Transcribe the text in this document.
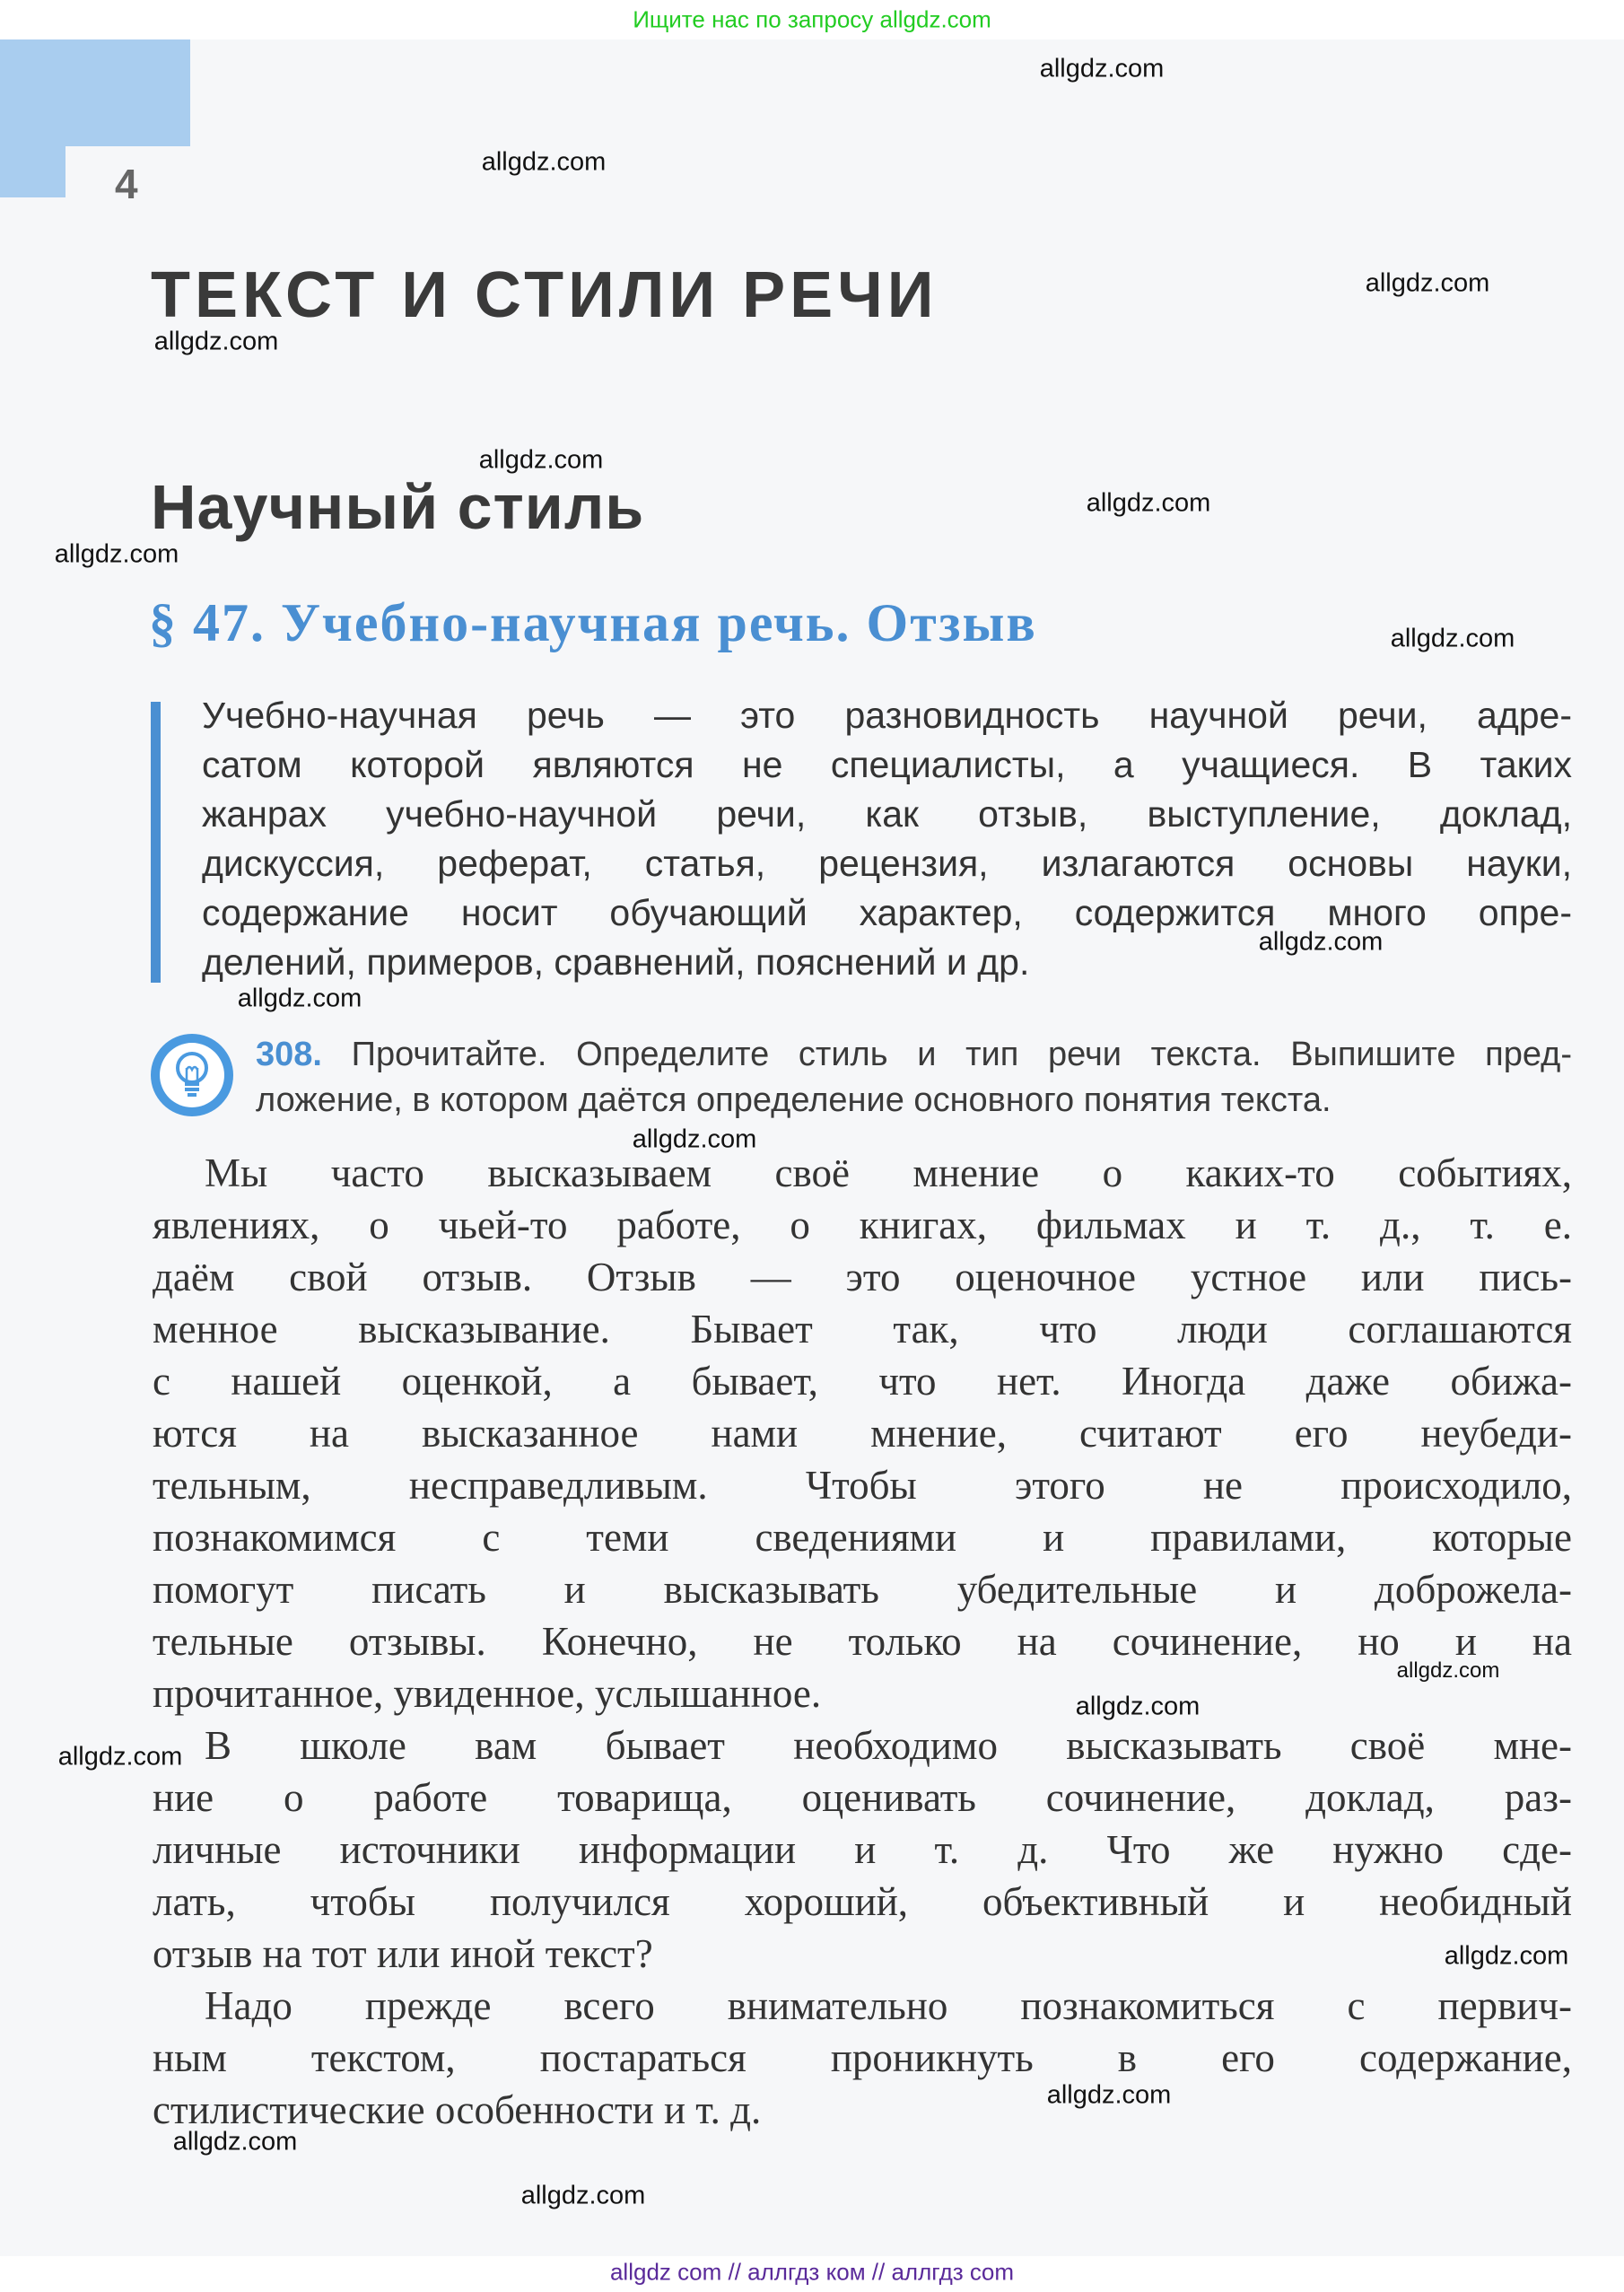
Ищите нас по запросу allgdz.com
4
ТЕКСТ И СТИЛИ РЕЧИ
Научный стиль
§ 47. Учебно-научная речь. Отзыв
Учебно-научная речь — это разновидность научной речи, адре-
сатом которой являются не специалисты, а учащиеся. В таких
жанрах учебно-научной речи, как отзыв, выступление, доклад,
дискуссия, реферат, статья, рецензия, излагаются основы науки,
содержание носит обучающий характер, содержится много опре-
делений, примеров, сравнений, пояснений и др.
308. Прочитайте. Определите стиль и тип речи текста. Выпишите пред-
ложение, в котором даётся определение основного понятия текста.
Мы часто высказываем своё мнение о каких-то событиях,
явлениях, о чьей-то работе, о книгах, фильмах и т. д., т. е.
даём свой отзыв. Отзыв — это оценочное устное или пись-
менное высказывание. Бывает так, что люди соглашаются
с нашей оценкой, а бывает, что нет. Иногда даже обижа-
ются на высказанное нами мнение, считают его неубеди-
тельным, несправедливым. Чтобы этого не происходило,
познакомимся с теми сведениями и правилами, которые
помогут писать и высказывать убедительные и доброжела-
тельные отзывы. Конечно, не только на сочинение, но и на
прочитанное, увиденное, услышанное.
В школе вам бывает необходимо высказывать своё мне-
ние о работе товарища, оценивать сочинение, доклад, раз-
личные источники информации и т. д. Что же нужно сде-
лать, чтобы получился хороший, объективный и необидный
отзыв на тот или иной текст?
Надо прежде всего внимательно познакомиться с первич-
ным текстом, постараться проникнуть в его содержание,
стилистические особенности и т. д.
allgdz.com
allgdz.com
allgdz.com
allgdz.com
allgdz.com
allgdz.com
allgdz.com
allgdz.com
allgdz.com
allgdz.com
allgdz.com
allgdz.com
allgdz.com
allgdz.com
allgdz.com
allgdz.com
allgdz.com
allgdz.com
allgdz com // аллгдз ком // аллгдз com
